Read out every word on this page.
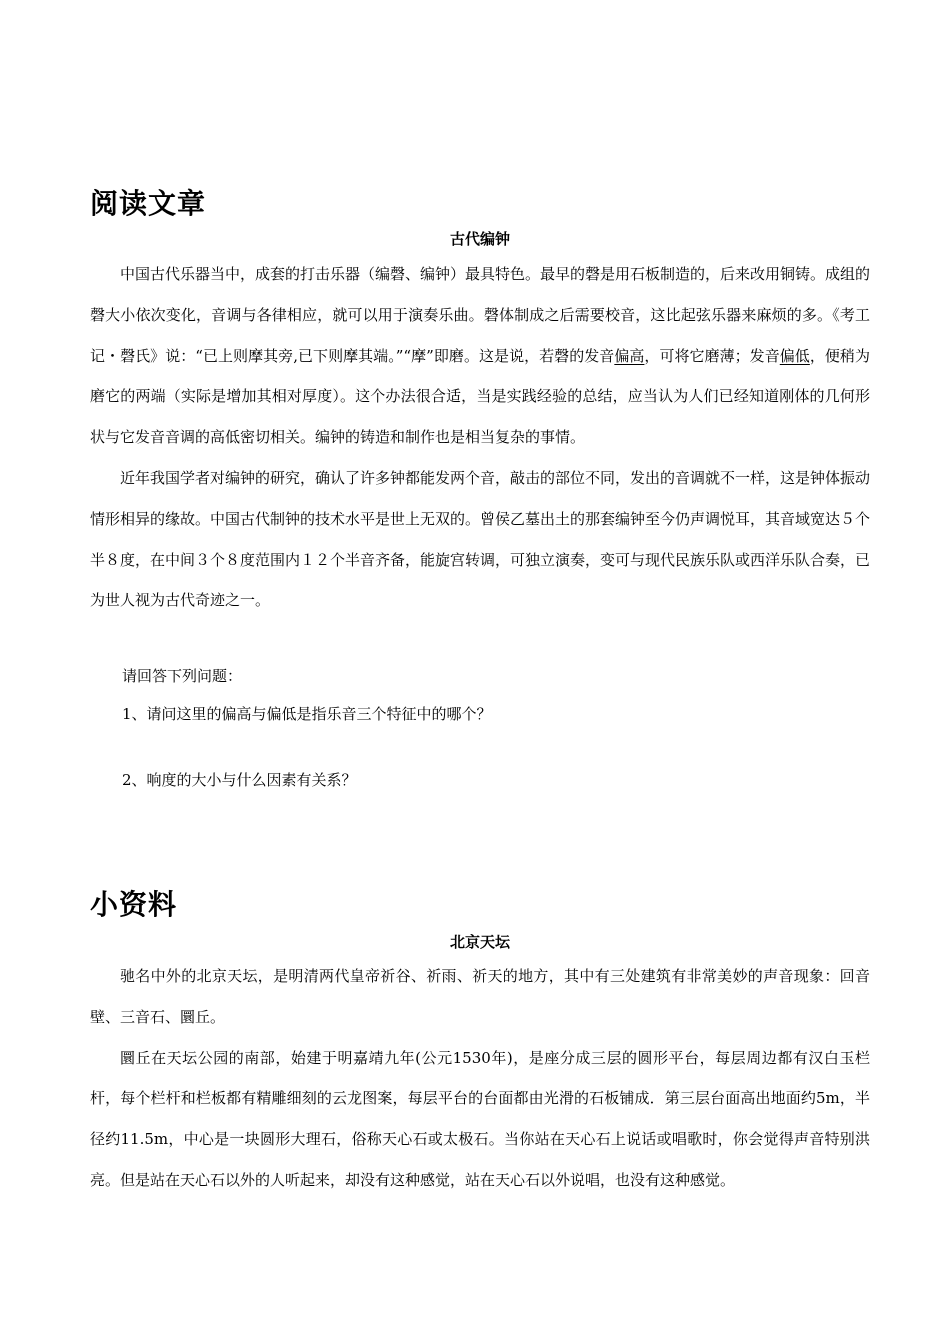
阅读文章
古代编钟

中国古代乐器当中，成套的打击乐器（编磬、编钟）最具特色。最早的磬是用石板制造的，后来改用铜铸。成组的磬大小依次变化，音调与各律相应，就可以用于演奏乐曲。磬体制成之后需要校音，这比起弦乐器来麻烦的多。《考工记・磬氏》说：“已上则摩其旁,已下则摩其端。”“摩”即磨。这是说，若磬的发音偏高，可将它磨薄；发音偏低，便稍为磨它的两端（实际是增加其相对厚度）。这个办法很合适，当是实践经验的总结，应当认为人们已经知道刚体的几何形状与它发音音调的高低密切相关。编钟的铸造和制作也是相当复杂的事情。

近年我国学者对编钟的研究，确认了许多钟都能发两个音，敲击的部位不同，发出的音调就不一样，这是钟体振动情形相异的缘故。中国古代制钟的技术水平是世上无双的。曾侯乙墓出土的那套编钟至今仍声调悦耳，其音域宽达５个半８度，在中间３个８度范围内１２个半音齐备，能旋宫转调，可独立演奏，变可与现代民族乐队或西洋乐队合奏，已为世人视为古代奇迹之一。

请回答下列问题：

1、请问这里的偏高与偏低是指乐音三个特征中的哪个？

2、响度的大小与什么因素有关系？

小资料
北京天坛

驰名中外的北京天坛，是明清两代皇帝祈谷、祈雨、祈天的地方，其中有三处建筑有非常美妙的声音现象：回音壁、三音石、圜丘。

圜丘在天坛公园的南部，始建于明嘉靖九年(公元1530年)，是座分成三层的圆形平台，每层周边都有汉白玉栏杆，每个栏杆和栏板都有精雕细刻的云龙图案，每层平台的台面都由光滑的石板铺成．第三层台面高出地面约5m，半径约11.5m，中心是一块圆形大理石，俗称天心石或太极石。当你站在天心石上说话或唱歌时，你会觉得声音特别洪亮。但是站在天心石以外的人听起来，却没有这种感觉，站在天心石以外说唱，也没有这种感觉。
